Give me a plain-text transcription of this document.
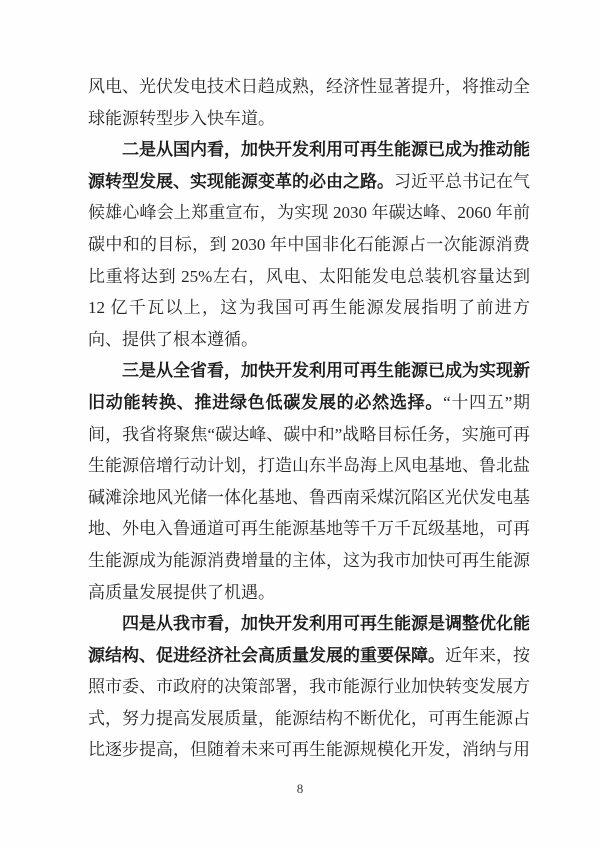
风电、光伏发电技术日趋成熟，经济性显著提升，将推动全球能源转型步入快车道。

二是从国内看，加快开发利用可再生能源已成为推动能源转型发展、实现能源变革的必由之路。习近平总书记在气候雄心峰会上郑重宣布，为实现 2030 年碳达峰、2060 年前碳中和的目标，到 2030 年中国非化石能源占一次能源消费比重将达到 25%左右，风电、太阳能发电总装机容量达到 12 亿千瓦以上，这为我国可再生能源发展指明了前进方向、提供了根本遵循。

三是从全省看，加快开发利用可再生能源已成为实现新旧动能转换、推进绿色低碳发展的必然选择。“十四五”期间，我省将聚焦“碳达峰、碳中和”战略目标任务，实施可再生能源倍增行动计划，打造山东半岛海上风电基地、鲁北盐碱滩涂地风光储一体化基地、鲁西南采煤沉陷区光伏发电基地、外电入鲁通道可再生能源基地等千万千瓦级基地，可再生能源成为能源消费增量的主体，这为我市加快可再生能源高质量发展提供了机遇。

四是从我市看，加快开发利用可再生能源是调整优化能源结构、促进经济社会高质量发展的重要保障。近年来，按照市委、市政府的决策部署，我市能源行业加快转变发展方式，努力提高发展质量，能源结构不断优化，可再生能源占比逐步提高，但随着未来可再生能源规模化开发，消纳与用

8
